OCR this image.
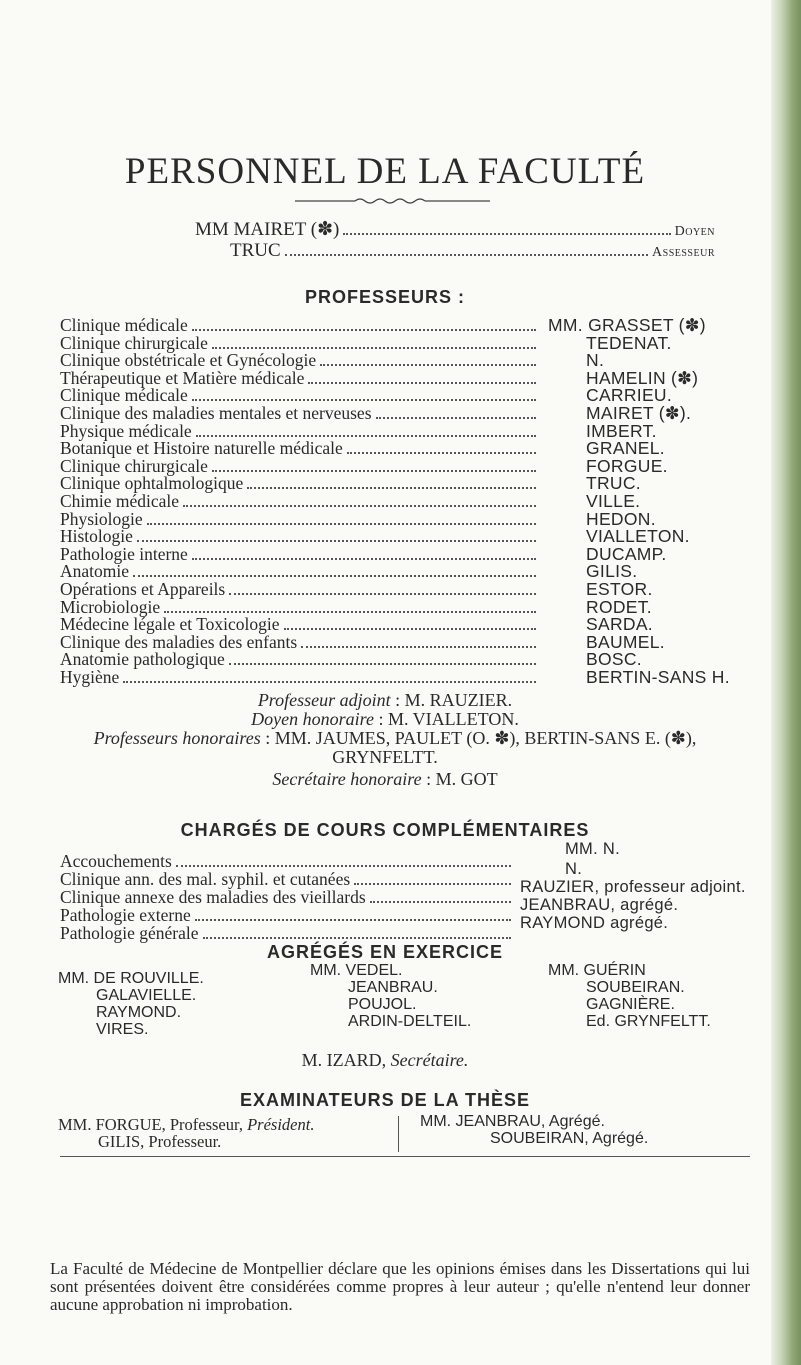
PERSONNEL DE LA FACULTÉ
MM MAIRET (✽)	Doyen
TRUC	Assesseur
PROFESSEURS :
Clinique médicale
Clinique chirurgicale
Clinique obstétricale et Gynécologie
Thérapeutique et Matière médicale
Clinique médicale
Clinique des maladies mentales et nerveuses
Physique médicale
Botanique et Histoire naturelle médicale
Clinique chirurgicale
Clinique ophtalmologique
Chimie médicale
Physiologie
Histologie
Pathologie interne
Anatomie
Opérations et Appareils
Microbiologie
Médecine légale et Toxicologie
Clinique des maladies des enfants
Anatomie pathologique
Hygiène
MM. GRASSET (✽)
TEDENAT.
N.
HAMELIN (✽)
CARRIEU.
MAIRET (✽).
IMBERT.
GRANEL.
FORGUE.
TRUC.
VILLE.
HEDON.
VIALLETON.
DUCAMP.
GILIS.
ESTOR.
RODET.
SARDA.
BAUMEL.
BOSC.
BERTIN-SANS H.
Professeur adjoint : M. RAUZIER.
Doyen honoraire : M. VIALLETON.
Professeurs honoraires : MM. JAUMES, PAULET (O. ✽), BERTIN-SANS E. (✽),
GRYNFELTT.
Secrétaire honoraire : M. GOT
CHARGÉS DE COURS COMPLÉMENTAIRES
Accouchements
Clinique ann. des mal. syphil. et cutanées
Clinique annexe des maladies des vieillards
Pathologie externe
Pathologie générale
MM. N.
N.
RAUZIER, professeur adjoint.
JEANBRAU, agrégé.
RAYMOND agrégé.
AGRÉGÉS EN EXERCICE
MM. DE ROUVILLE.
GALAVIELLE.
RAYMOND.
VIRES.
MM. VEDEL.
JEANBRAU.
POUJOL.
ARDIN-DELTEIL.
MM. GUÉRIN
SOUBEIRAN.
GAGNIÈRE.
Ed. GRYNFELTT.
M. IZARD, Secrétaire.
EXAMINATEURS DE LA THÈSE
MM. FORGUE, Professeur, Président.
GILIS, Professeur.
MM. JEANBRAU, Agrégé.
SOUBEIRAN, Agrégé.
La Faculté de Médecine de Montpellier déclare que les opinions émises dans les Dissertations qui lui sont présentées doivent être considérées comme propres à leur auteur ; qu'elle n'entend leur donner aucune approbation ni improbation.
